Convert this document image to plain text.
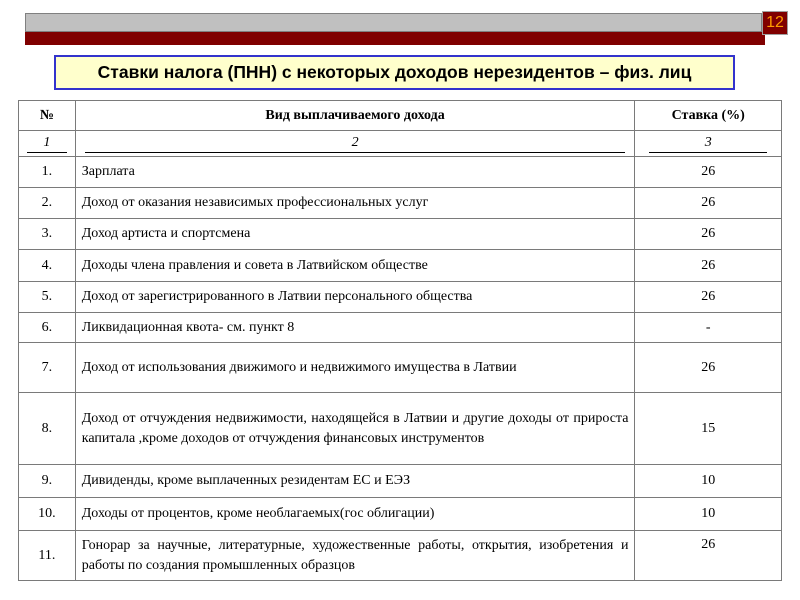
12
Ставки налога (ПНН) с некоторых доходов нерезидентов – физ. лиц
№	Вид выплачиваемого дохода	Ставка (%)
1	2	3
1.	Зарплата	26
2.	Доход от оказания независимых профессиональных услуг	26
3.	Доход артиста и спортсмена	26
4.	Доходы члена правления и совета в Латвийском обществе	26
5.	Доход от зарегистрированного в Латвии персонального общества	26
6.	Ликвидационная квота- см. пункт 8	-
7.	Доход от использования движимого и недвижимого имущества в Латвии	26
8.	Доход от отчуждения недвижимости, находящейся в Латвии и другие доходы от прироста капитала ,кроме доходов от отчуждения финансовых инструментов	15
9.	Дивиденды, кроме выплаченных резидентам ЕС и ЕЭЗ	10
10.	Доходы от процентов, кроме необлагаемых(гос облигации)	10
11.	Гонорар за научные, литературные, художественные работы, открытия, изобретения и работы по создания промышленных образцов	26
